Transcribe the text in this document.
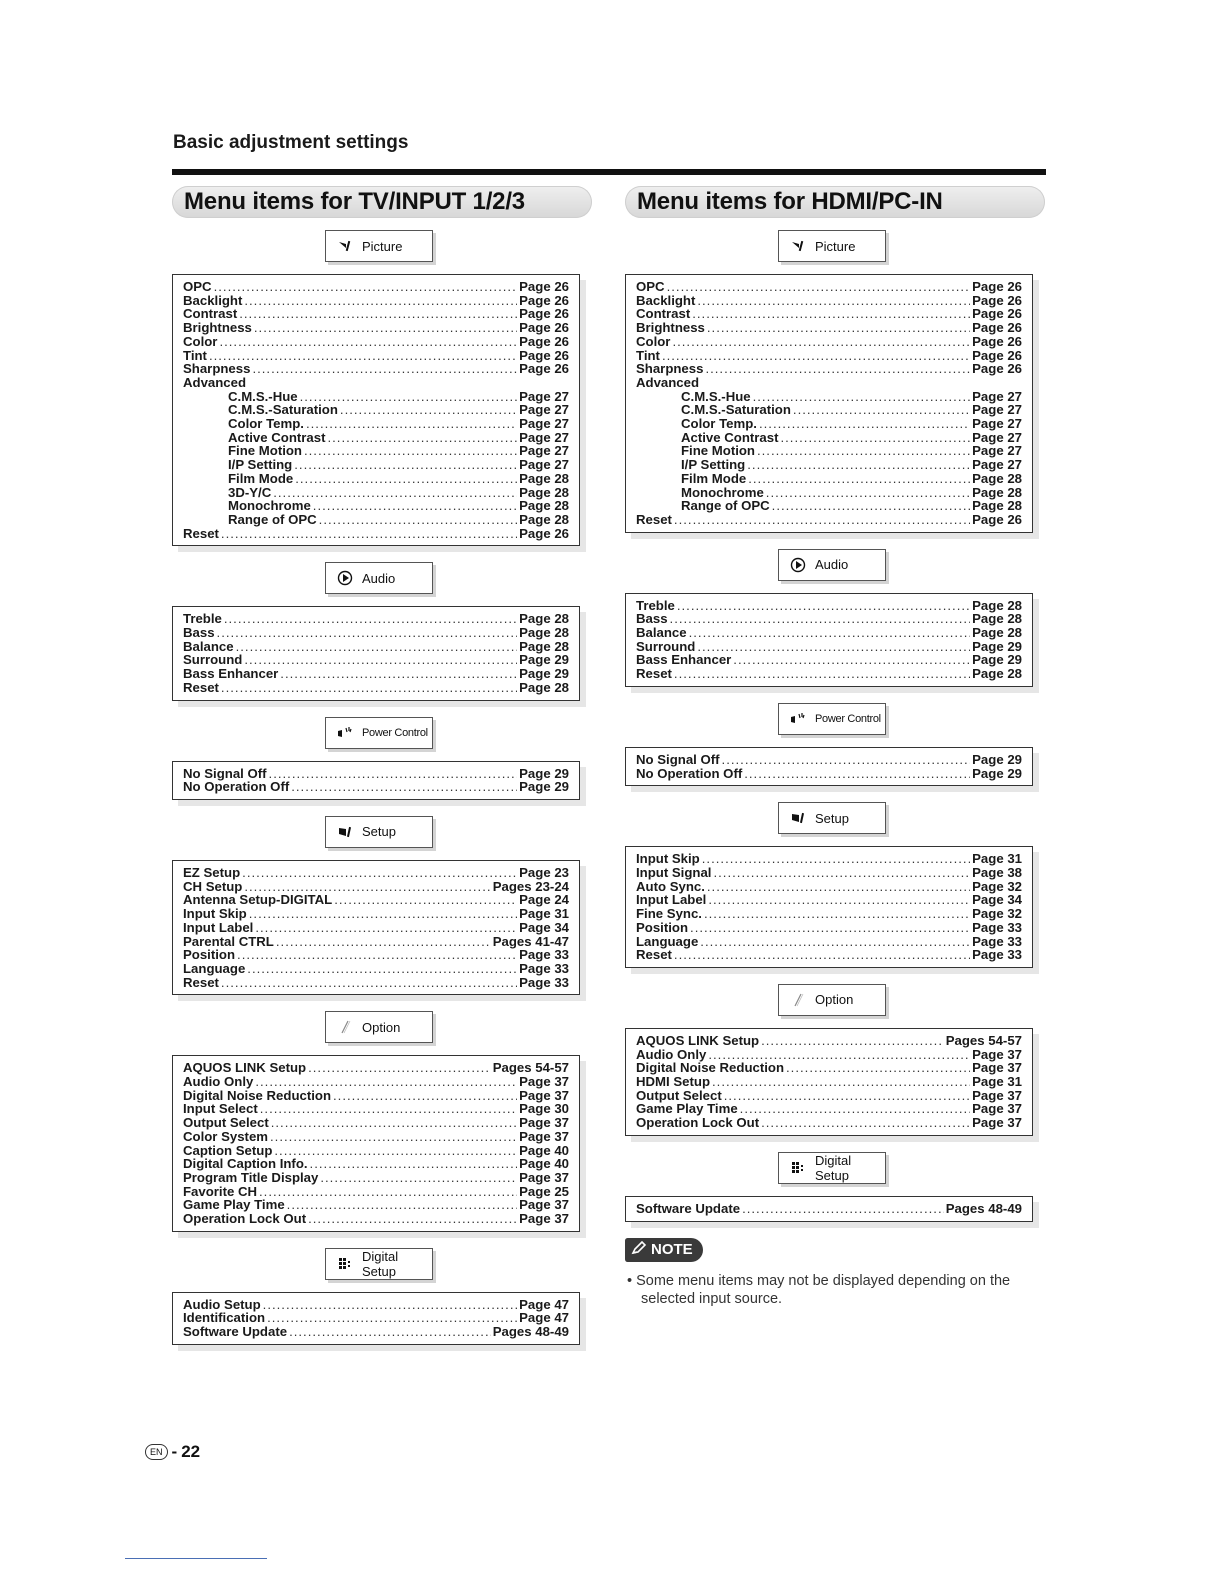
Basic adjustment settings
Menu items for TV/INPUT 1/2/3
Picture
OPC .....	Page 26
Backlight .....	Page 26
Contrast .....	Page 26
Brightness .....	Page 26
Color .....	Page 26
Tint .....	Page 26
Sharpness .....	Page 26
Advanced
C.M.S.-Hue .....	Page 27
C.M.S.-Saturation .....	Page 27
Color Temp. .....	Page 27
Active Contrast .....	Page 27
Fine Motion .....	Page 27
I/P Setting .....	Page 27
Film Mode .....	Page 28
3D-Y/C .....	Page 28
Monochrome .....	Page 28
Range of OPC .....	Page 28
Reset .....	Page 26
Audio
Treble .....	Page 28
Bass .....	Page 28
Balance .....	Page 28
Surround .....	Page 29
Bass Enhancer .....	Page 29
Reset .....	Page 28
Power Control
No Signal Off .....	Page 29
No Operation Off .....	Page 29
Setup
EZ Setup .....	Page 23
CH Setup .....	Pages 23-24
Antenna Setup-DIGITAL .....	Page 24
Input Skip .....	Page 31
Input Label .....	Page 34
Parental CTRL .....	Pages 41-47
Position .....	Page 33
Language .....	Page 33
Reset .....	Page 33
Option
AQUOS LINK Setup .....	Pages 54-57
Audio Only .....	Page 37
Digital Noise Reduction .....	Page 37
Input Select .....	Page 30
Output Select .....	Page 37
Color System .....	Page 37
Caption Setup .....	Page 40
Digital Caption Info. .....	Page 40
Program Title Display .....	Page 37
Favorite CH .....	Page 25
Game Play Time .....	Page 37
Operation Lock Out .....	Page 37
Digital Setup
Audio Setup .....	Page 47
Identification .....	Page 47
Software Update .....	Pages 48-49
Menu items for HDMI/PC-IN
Picture
OPC .....	Page 26
Backlight .....	Page 26
Contrast .....	Page 26
Brightness .....	Page 26
Color .....	Page 26
Tint .....	Page 26
Sharpness .....	Page 26
Advanced
C.M.S.-Hue .....	Page 27
C.M.S.-Saturation .....	Page 27
Color Temp. .....	Page 27
Active Contrast .....	Page 27
Fine Motion .....	Page 27
I/P Setting .....	Page 27
Film Mode .....	Page 28
Monochrome .....	Page 28
Range of OPC .....	Page 28
Reset .....	Page 26
Audio
Treble .....	Page 28
Bass .....	Page 28
Balance .....	Page 28
Surround .....	Page 29
Bass Enhancer .....	Page 29
Reset .....	Page 28
Power Control
No Signal Off .....	Page 29
No Operation Off .....	Page 29
Setup
Input Skip .....	Page 31
Input Signal .....	Page 38
Auto Sync. .....	Page 32
Input Label .....	Page 34
Fine Sync. .....	Page 32
Position .....	Page 33
Language .....	Page 33
Reset .....	Page 33
Option
AQUOS LINK Setup .....	Pages 54-57
Audio Only .....	Page 37
Digital Noise Reduction .....	Page 37
HDMI Setup .....	Page 31
Output Select .....	Page 37
Game Play Time .....	Page 37
Operation Lock Out .....	Page 37
Digital Setup
Software Update .....	Pages 48-49
NOTE
• Some menu items may not be displayed depending on the selected input source.
EN - 22
